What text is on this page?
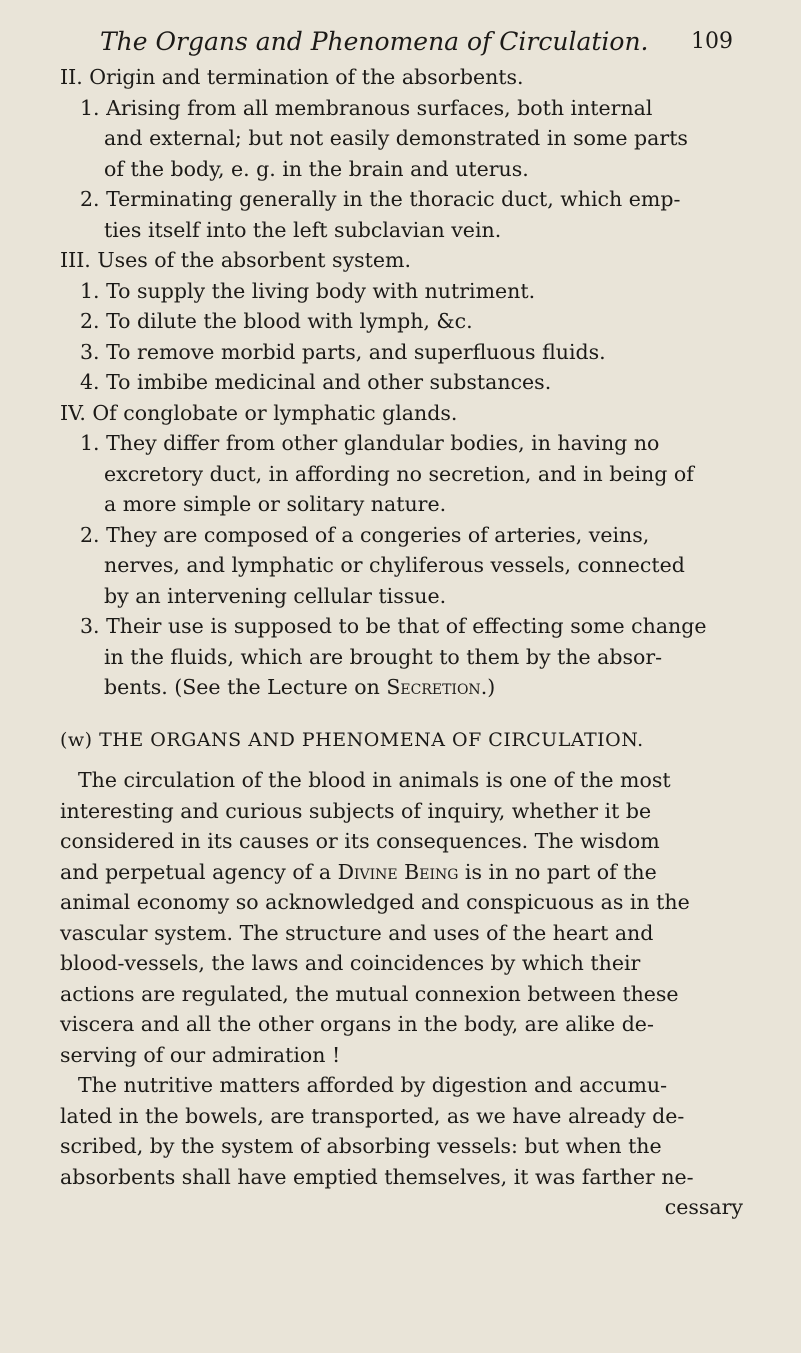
The Organs and Phenomena of Circulation. 109
II. Origin and termination of the absorbents.
1. Arising from all membranous surfaces, both internal
and external; but not easily demonstrated in some parts
of the body, e. g. in the brain and uterus.
2. Terminating generally in the thoracic duct, which emp-
ties itself into the left subclavian vein.
III. Uses of the absorbent system.
1. To supply the living body with nutriment.
2. To dilute the blood with lymph, &c.
3. To remove morbid parts, and superfluous fluids.
4. To imbibe medicinal and other substances.
IV. Of conglobate or lymphatic glands.
1. They differ from other glandular bodies, in having no
excretory duct, in affording no secretion, and in being of
a more simple or solitary nature.
2. They are composed of a congeries of arteries, veins,
nerves, and lymphatic or chyliferous vessels, connected
by an intervening cellular tissue.
3. Their use is supposed to be that of effecting some change
in the fluids, which are brought to them by the absor-
bents. (See the Lecture on Secretion.)
(w) THE ORGANS AND PHENOMENA OF CIRCULATION.
The circulation of the blood in animals is one of the most
interesting and curious subjects of inquiry, whether it be
considered in its causes or its consequences. The wisdom
and perpetual agency of a Divine Being is in no part of the
animal economy so acknowledged and conspicuous as in the
vascular system. The structure and uses of the heart and
blood-vessels, the laws and coincidences by which their
actions are regulated, the mutual connexion between these
viscera and all the other organs in the body, are alike de-
serving of our admiration !
The nutritive matters afforded by digestion and accumu-
lated in the bowels, are transported, as we have already de-
scribed, by the system of absorbing vessels: but when the
absorbents shall have emptied themselves, it was farther ne-
cessary
